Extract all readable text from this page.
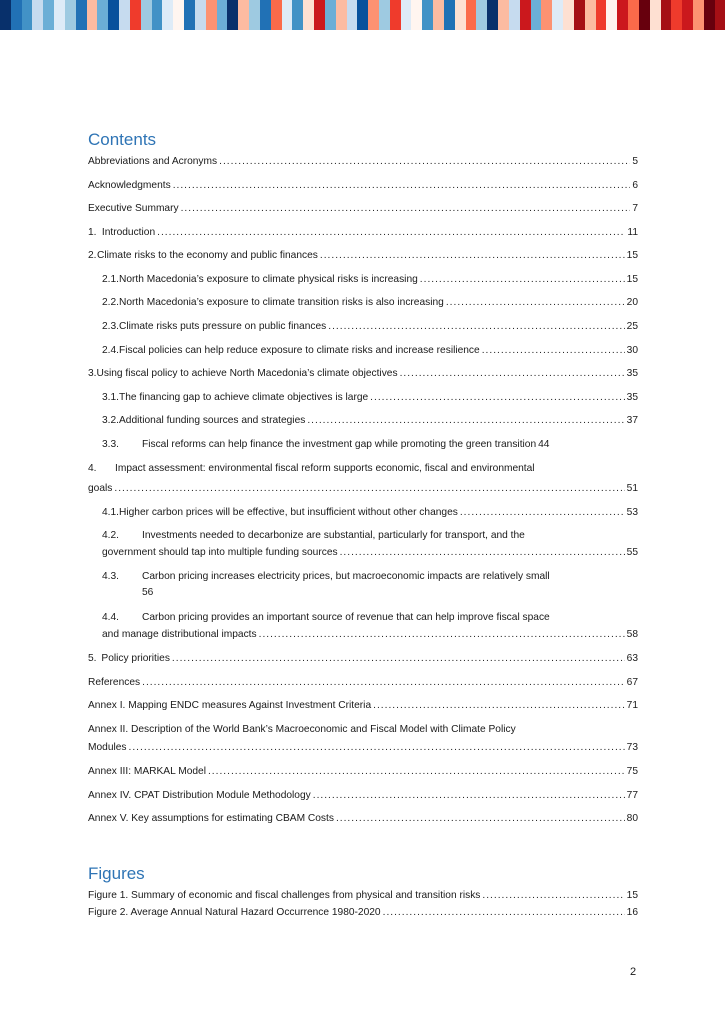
Contents
Abbreviations and Acronyms .....	5
Acknowledgments .....	6
Executive Summary .....	7
1. Introduction .....	11
2. Climate risks to the economy and public finances .....	15
2.1. North Macedonia’s exposure to climate physical risks is increasing .....	15
2.2. North Macedonia’s exposure to climate transition risks is also increasing .....	20
2.3. Climate risks puts pressure on public finances .....	25
2.4. Fiscal policies can help reduce exposure to climate risks and increase resilience .....	30
3. Using fiscal policy to achieve North Macedonia’s climate objectives .....	35
3.1. The financing gap to achieve climate objectives is large .....	35
3.2. Additional funding sources and strategies .....	37
3.3.	Fiscal reforms can help finance the investment gap while promoting the green transition 44
4. Impact assessment: environmental fiscal reform supports economic, fiscal and environmental
goals .....	51
4.1. Higher carbon prices will be effective, but insufficient without other changes .....	53
4.2. Investments needed to decarbonize are substantial, particularly for transport, and the
government should tap into multiple funding sources .....	55
4.3. Carbon pricing increases electricity prices, but macroeconomic impacts are relatively small
56
4.4. Carbon pricing provides an important source of revenue that can help improve fiscal space
and manage distributional impacts .....	58
5. Policy priorities .....	63
References .....	67
Annex I. Mapping ENDC measures Against Investment Criteria .....	71
Annex II. Description of the World Bank’s Macroeconomic and Fiscal Model with Climate Policy
Modules .....	73
Annex III: MARKAL Model .....	75
Annex IV. CPAT Distribution Module Methodology .....	77
Annex V. Key assumptions for estimating CBAM Costs .....	80
Figures
Figure 1. Summary of economic and fiscal challenges from physical and transition risks .....	15
Figure 2. Average Annual Natural Hazard Occurrence 1980-2020 .....	16
2
